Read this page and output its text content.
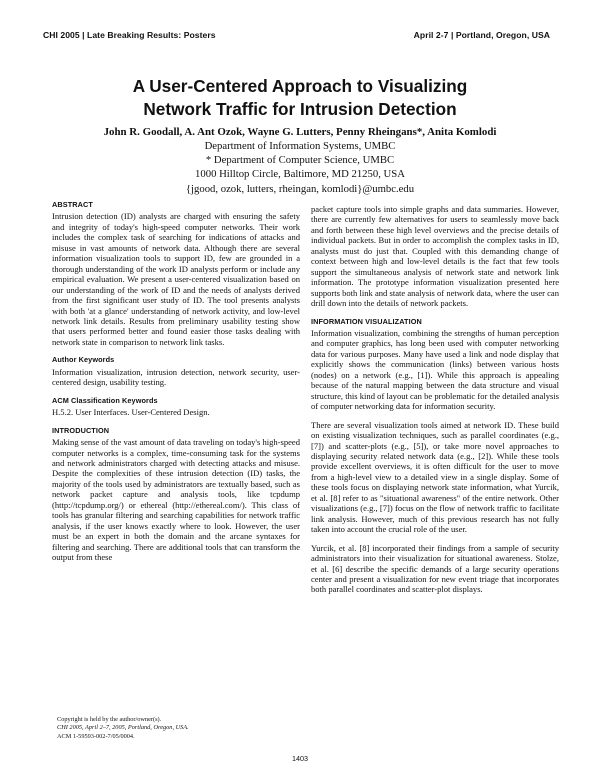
CHI 2005 | Late Breaking Results: Posters	April 2-7 | Portland, Oregon, USA
A User-Centered Approach to Visualizing
Network Traffic for Intrusion Detection
John R. Goodall, A. Ant Ozok, Wayne G. Lutters, Penny Rheingans*, Anita Komlodi
Department of Information Systems, UMBC
* Department of Computer Science, UMBC
1000 Hilltop Circle, Baltimore, MD 21250, USA
{jgood, ozok, lutters, rheingan, komlodi}@umbc.edu
ABSTRACT

Intrusion detection (ID) analysts are charged with ensuring the safety and integrity of today's high-speed computer networks. Their work includes the complex task of searching for indications of attacks and misuse in vast amounts of network data. Although there are several information visualization tools to support ID, few are grounded in a thorough understanding of the work ID analysts perform or include any empirical evaluation. We present a user-centered visualization based on our understanding of the work of ID and the needs of analysts derived from the first significant user study of ID. The tool presents analysts with both 'at a glance' understanding of network activity, and low-level network link details. Results from preliminary usability testing show that users performed better and found easier those tasks dealing with network state in comparison to network link tasks.

Author Keywords

Information visualization, intrusion detection, network security, user-centered design, usability testing.

ACM Classification Keywords

H.5.2. User Interfaces. User-Centered Design.

INTRODUCTION

Making sense of the vast amount of data traveling on today's high-speed computer networks is a complex, time-consuming task for the systems and network administrators charged with detecting attacks and misuse. Despite the complexities of these intrusion detection (ID) tasks, the majority of the tools used by administrators are textually based, such as network packet capture and analysis tools, like tcpdump (http://tcpdump.org/) or ethereal (http://ethereal.com/). This class of tools has granular filtering and searching capabilities for network traffic analysis, if the user knows exactly where to look. However, the user must be an expert in both the domain and the arcane syntaxes for filtering and searching. There are additional tools that can transform the output from these

packet capture tools into simple graphs and data summaries. However, there are currently few alternatives for users to seamlessly move back and forth between these high level overviews and the precise details of individual packets. But in order to accomplish the complex tasks in ID, analysts must do just that. Coupled with this demanding change of context between high and low-level details is the fact that few tools support the simultaneous analysis of network state and network link information. The prototype information visualization presented here supports both link and state analysis of network data, where the user can drill down into the details of network packets.

INFORMATION VISUALIZATION

Information visualization, combining the strengths of human perception and computer graphics, has long been used with computer networking data for various purposes. Many have used a link and node display that explicitly shows the communication (links) between various hosts (nodes) on a network (e.g., [1]). While this approach is appealing because of the natural mapping between the data structure and visual structure, this kind of layout can be problematic for the detailed analysis of computer networking data for information security.

There are several visualization tools aimed at network ID. These build on existing visualization techniques, such as parallel coordinates (e.g., [7]) and scatter-plots (e.g., [5]), or take more novel approaches to displaying security related network data (e.g., [2]). While these tools provide excellent overviews, it is often difficult for the user to move from a high-level view to a detailed view in a single display. Some of these tools focus on displaying network state information, what Yurcik, et al. [8] refer to as "situational awareness" of the entire network. Other visualizations (e.g., [7]) focus on the flow of network traffic to facilitate link analysis. However, much of this previous research has not fully taken into account the crucial role of the user.

Yurcik, et al. [8] incorporated their findings from a sample of security administrators into their visualization for situational awareness. Stolze, et al. [6] describe the specific demands of a large security operations center and present a visualization for new event triage that incorporates both parallel coordinates and scatter-plot displays.

Copyright is held by the author/owner(s).
CHI 2005, April 2–7, 2005, Portland, Oregon, USA.
ACM 1-59593-002-7/05/0004.
1403
